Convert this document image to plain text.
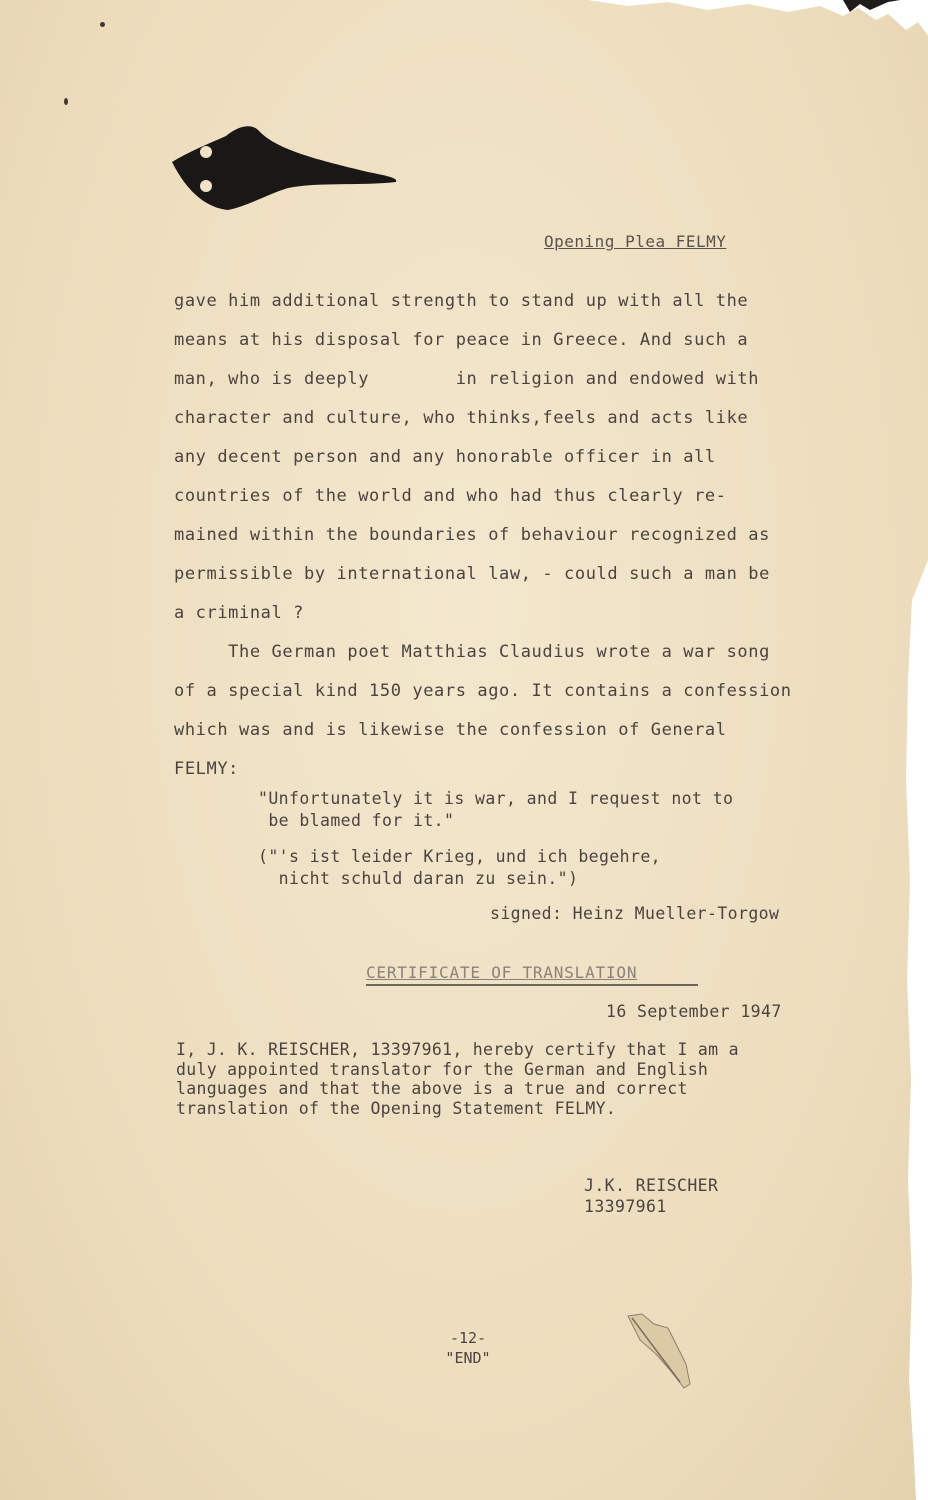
Opening Plea FELMY

gave him additional strength to stand up with all the

means at his disposal for peace in Greece. And such a

man, who is deeply        in religion and endowed with

character and culture, who thinks,feels and acts like

any decent person and any honorable officer in all

countries of the world and who had thus clearly re-

mained within the boundaries of behaviour recognized as

permissible by international law, - could such a man be

a criminal ?

The German poet Matthias Claudius wrote a war song

of a special kind 150 years ago. It contains a confession

which was and is likewise the confession of General

FELMY:

"Unfortunately it is war, and I request not to
be blamed for it."

("'s ist leider Krieg, und ich begehre,
nicht schuld daran zu sein.")

signed: Heinz Mueller-Torgow
CERTIFICATE OF TRANSLATION
16 September 1947

I, J. K. REISCHER, 13397961, hereby certify that I am a

duly appointed translator for the German and English

languages and that the above is a true and correct

translation of the Opening Statement FELMY.

J.K. REISCHER
13397961
-12-
"END"
